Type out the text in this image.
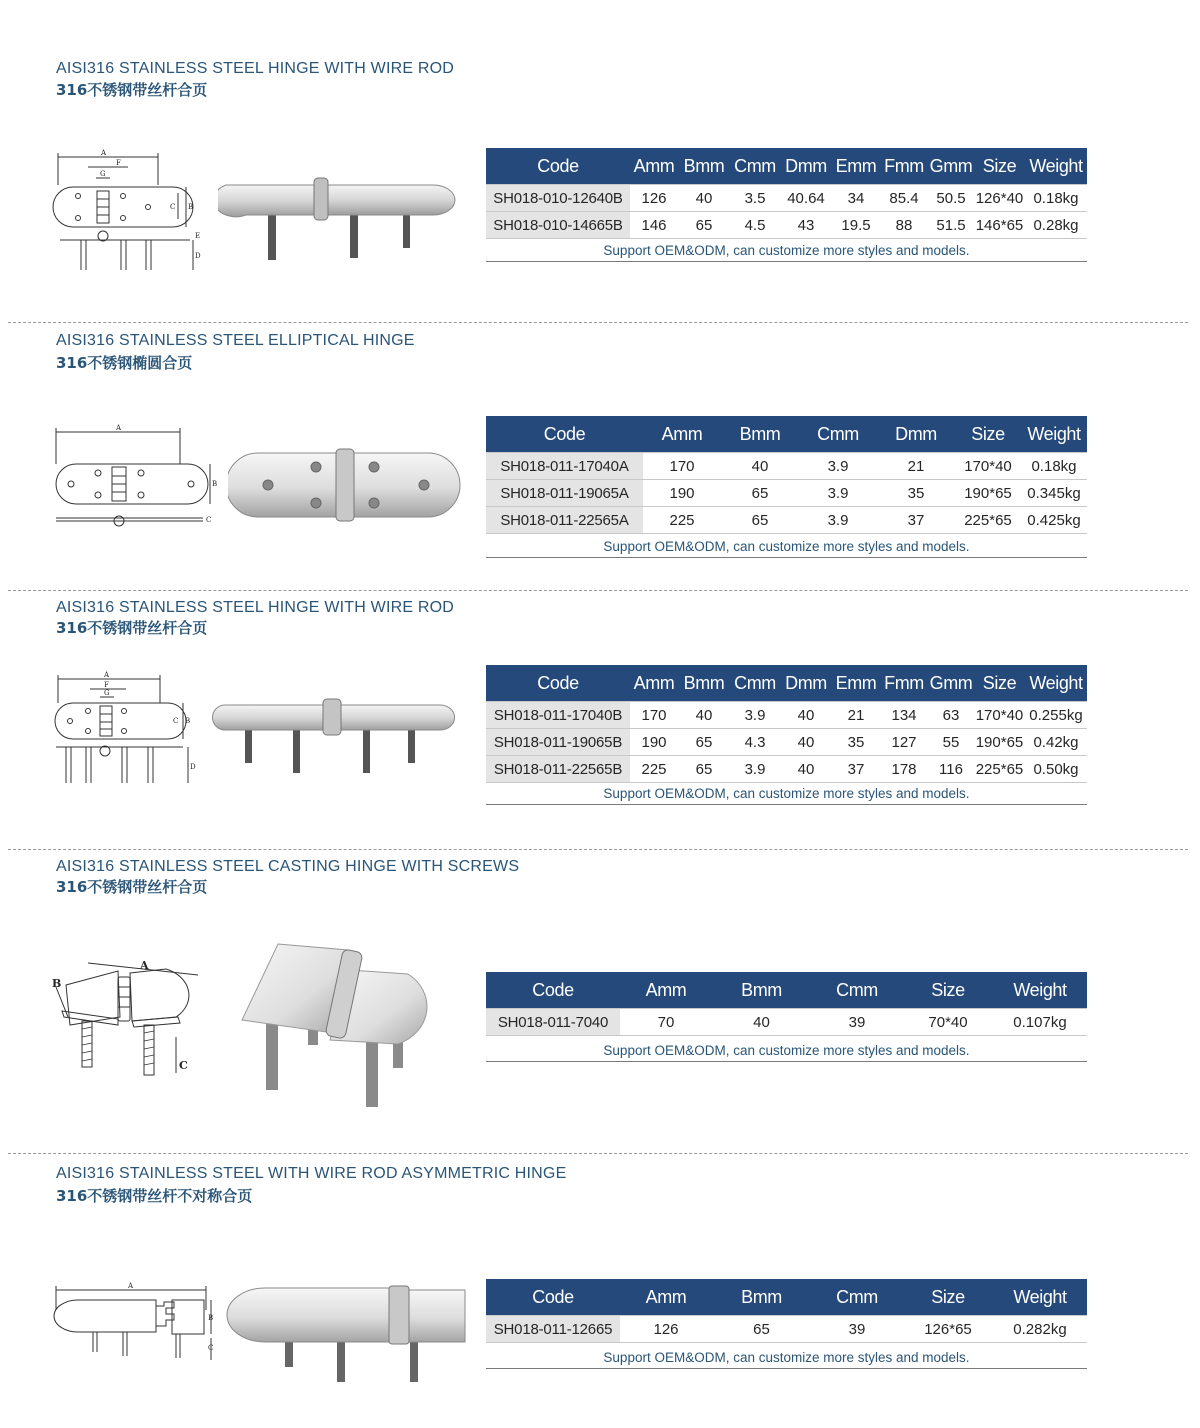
AISI316 STAINLESS STEEL HINGE WITH WIRE ROD
316不锈钢带丝杆合页
A
F
G
B
C
E
D
Code	Amm	Bmm	Cmm	Dmm	Emm	Fmm	Gmm	Size	Weight
SH018-010-12640B	126	40	3.5	40.64	34	85.4	50.5	126*40	0.18kg
SH018-010-14665B	146	65	4.5	43	19.5	88	51.5	146*65	0.28kg
Support OEM&ODM, can customize more styles and models.
AISI316 STAINLESS STEEL ELLIPTICAL HINGE
316不锈钢椭圆合页
A
B
C
Code	Amm	Bmm	Cmm	Dmm	Size	Weight
SH018-011-17040A	170	40	3.9	21	170*40	0.18kg
SH018-011-19065A	190	65	3.9	35	190*65	0.345kg
SH018-011-22565A	225	65	3.9	37	225*65	0.425kg
Support OEM&ODM, can customize more styles and models.
AISI316 STAINLESS STEEL HINGE WITH WIRE ROD
316不锈钢带丝杆合页
A
F
G
B
C
D
Code	Amm	Bmm	Cmm	Dmm	Emm	Fmm	Gmm	Size	Weight
SH018-011-17040B	170	40	3.9	40	21	134	63	170*40	0.255kg
SH018-011-19065B	190	65	4.3	40	35	127	55	190*65	0.42kg
SH018-011-22565B	225	65	3.9	40	37	178	116	225*65	0.50kg
Support OEM&ODM, can customize more styles and models.
AISI316 STAINLESS STEEL CASTING HINGE WITH SCREWS
316不锈钢带丝杆合页
A
B
C
Code	Amm	Bmm	Cmm	Size	Weight
SH018-011-7040	70	40	39	70*40	0.107kg
Support OEM&ODM, can customize more styles and models.
AISI316 STAINLESS STEEL WITH WIRE ROD ASYMMETRIC HINGE
316不锈钢带丝杆不对称合页
A
B
C
Code	Amm	Bmm	Cmm	Size	Weight
SH018-011-12665	126	65	39	126*65	0.282kg
Support OEM&ODM, can customize more styles and models.
